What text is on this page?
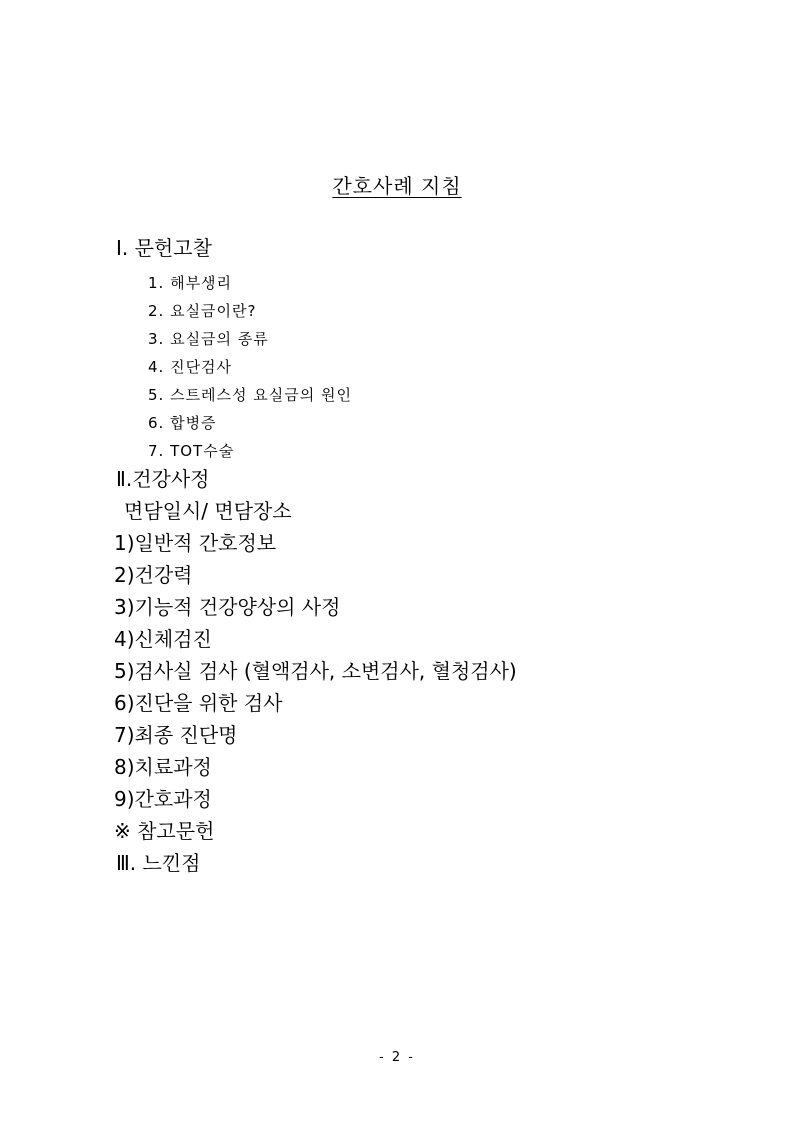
간호사례 지침
Ⅰ. 문헌고찰
1. 해부생리
2. 요실금이란?
3. 요실금의 종류
4. 진단검사
5. 스트레스성 요실금의 원인
6. 합병증
7. TOT수술
Ⅱ.건강사정
면담일시/ 면담장소
1)일반적 간호정보
2)건강력
3)기능적 건강양상의 사정
4)신체검진
5)검사실 검사 (혈액검사, 소변검사, 혈청검사)
6)진단을 위한 검사
7)최종 진단명
8)치료과정
9)간호과정
※ 참고문헌
Ⅲ. 느낀점
- 2 -
